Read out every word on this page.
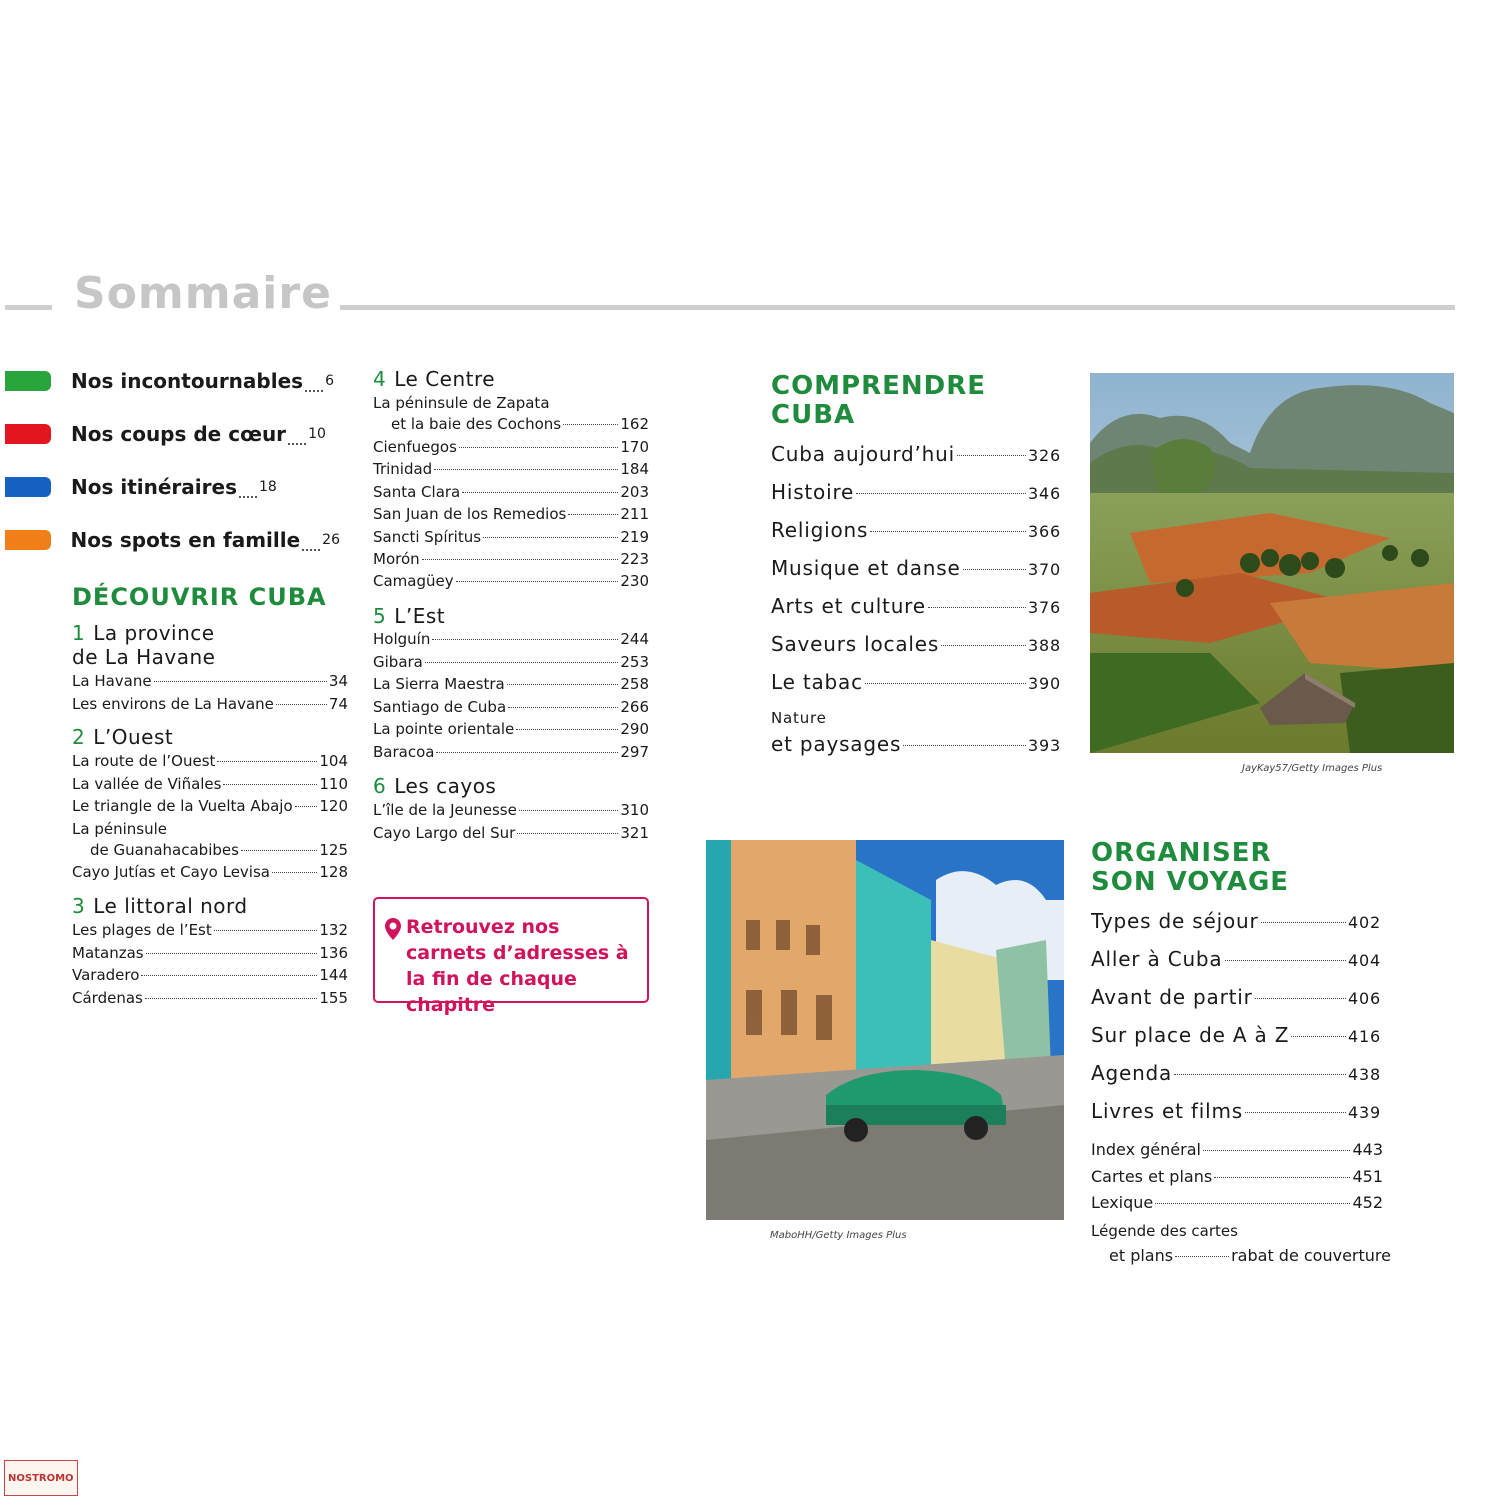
Sommaire
Nos incontournables 6
Nos coups de cœur 10
Nos itinéraires 18
Nos spots en famille 26
DÉCOUVRIR CUBA
1 La province
de La Havane
La Havane	34
Les environs de La Havane	74
2 L’Ouest
La route de l’Ouest	104
La vallée de Viñales	110
Le triangle de la Vuelta Abajo 120
La péninsule
de Guanahacabibes	125
Cayo Jutías et Cayo Levisa	128
3 Le littoral nord
Les plages de l’Est	132
Matanzas	136
Varadero	144
Cárdenas	155
4 Le Centre
La péninsule de Zapata
et la baie des Cochons	162
Cienfuegos	170
Trinidad	184
Santa Clara	203
San Juan de los Remedios	211
Sancti Spíritus	219
Morón	223
Camagüey	230
5 L’Est
Holguín	244
Gibara	253
La Sierra Maestra	258
Santiago de Cuba	266
La pointe orientale	290
Baracoa	297
6 Les cayos
L’île de la Jeunesse	310
Cayo Largo del Sur	321
Retrouvez nos carnets d’adresses à la fin de chaque chapitre
COMPRENDRE
CUBA
Cuba aujourd’hui	326
Histoire	346
Religions	366
Musique et danse	370
Arts et culture	376
Saveurs locales	388
Le tabac	390
Nature
et paysages	393
JayKay57/Getty Images Plus
MaboHH/Getty Images Plus
ORGANISER
SON VOYAGE
Types de séjour	402
Aller à Cuba	404
Avant de partir	406
Sur place de A à Z	416
Agenda	438
Livres et films	439
Index général	443
Cartes et plans	451
Lexique	452
Légende des cartes
et plans	rabat de couverture
NOSTROMO
